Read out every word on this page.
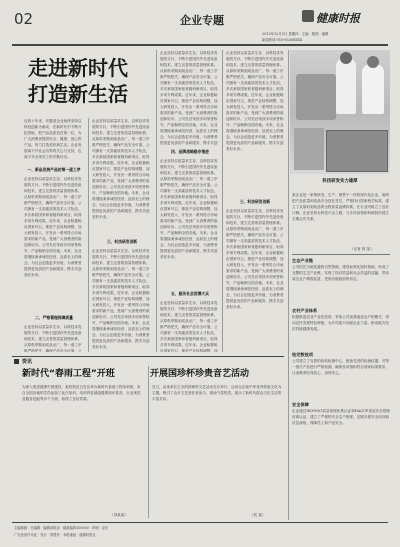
02	企业专题	健康时报
2013年12月5日 星期四 · 主编 · 版面 · 编辑
新闻热线:010-65368XXX
走进新时代
打造新生活
近四十年来，安徽某企业始终坚持以科技创新为驱动，在新时代中不断开拓进取，把产品品质放在第一位，为广大消费者提供安全、健康、放心的产品，努力打造美好新生活。企业发展离不开社会各界的关心与支持，也离不开全体员工的辛勤付出。
一、新品发展产品的第一道工序
企业坚持以质量求生存，以科技求发展的方针，不断引进国内外先进设备和技术，建立完善的质量管理体系。从原料采购到成品出厂，每一道工序都严格把关，确保产品安全可靠。公司拥有一支高素质的技术人才队伍，多次承担国家和省级科研项目，取得多项专利成果。近年来，企业积极响应国家号召，推进产业结构调整，加大研发投入，开发出一系列符合市场需求的新产品，受到广大消费者的欢迎和好评。公司先后荣获多项荣誉称号，产品畅销全国各地。未来，企业将继续秉承诚信经营、品质至上的理念，为社会创造更多价值，为消费者提供更优质的产品和服务，携手共创美好未来。
二、严格管理保障质量
企业坚持以质量求生存，以科技求发展的方针，不断引进国内外先进设备和技术，建立完善的质量管理体系。从原料采购到成品出厂，每一道工序都严格把关，确保产品安全可靠。公
企业坚持以质量求生存，以科技求发展的方针，不断引进国内外先进设备和技术，建立完善的质量管理体系。从原料采购到成品出厂，每一道工序都严格把关，确保产品安全可靠。公司拥有一支高素质的技术人才队伍，多次承担国家和省级科研项目，取得多项专利成果。近年来，企业积极响应国家号召，推进产业结构调整，加大研发投入，开发出一系列符合市场需求的新产品，受到广大消费者的欢迎和好评。公司先后荣获多项荣誉称号，产品畅销全国各地。未来，企业将继续秉承诚信经营、品质至上的理念，为社会创造更多价值，为消费者提供更优质的产品和服务，携手共创美好未来。
三、科技研发创新
企业坚持以质量求生存，以科技求发展的方针，不断引进国内外先进设备和技术，建立完善的质量管理体系。从原料采购到成品出厂，每一道工序都严格把关，确保产品安全可靠。公司拥有一支高素质的技术人才队伍，多次承担国家和省级科研项目，取得多项专利成果。近年来，企业积极响应国家号召，推进产业结构调整，加大研发投入，开发出一系列符合市场需求的新产品，受到广大消费者的欢迎和好评。公司先后荣获多项荣誉称号，产品畅销全国各地。未来，企业将继续秉承诚信经营、品质至上的理念，为社会创造更多价值，为消费者提供更优质的产品和服务，携手共创美好未来。
企业坚持以质量求生存，以科技求发展的方针，不断引进国内外先进设备和技术，建立完善的质量管理体系。从原料采购到成品出厂，每一道工序都严格把关，确保产品安全可靠。公司拥有一支高素质的技术人才队伍，多次承担国家和省级科研项目，取得多项专利成果。近年来，企业积极响应国家号召，推进产业结构调整，加大研发投入，开发出一系列符合市场需求的新产品，受到广大消费者的欢迎和好评。公司先后荣获多项荣誉称号，产品畅销全国各地。未来，企业将继续秉承诚信经营、品质至上的理念，为社会创造更多价值，为消费者提供更优质的产品和服务，携手共创
四、品牌战略稳步推进
企业坚持以质量求生存，以科技求发展的方针，不断引进国内外先进设备和技术，建立完善的质量管理体系。从原料采购到成品出厂，每一道工序都严格把关，确保产品安全可靠。公司拥有一支高素质的技术人才队伍，多次承担国家和省级科研项目，取得多项专利成果。近年来，企业积极响应国家号召，推进产业结构调整，加大研发投入，开发出一系列符合市场需求的新产品，受到广大消费者的欢迎和好评。公司先后荣获多项荣誉称号，产品畅销全国各地。未来，企业将继续秉承诚信经营、品质至上的理念，为社会创造更多价值，为消费者提供更优质的产品和服务，携手共创美好未来。
五、服务社会回馈大众
企业坚持以质量求生存，以科技求发展的方针，不断引进国内外先进设备和技术，建立完善的质量管理体系。从原料采购到成品出厂，每一道工序都严格把关，确保产品安全可靠。公司拥有一支高素质的技术人才队伍，多次承担国家和省级科研项目，取得多项专利成果。近年来，企业积极响应国家号召，推进产业结构调整，加
企业坚持以质量求生存，以科技求发展的方针，不断引进国内外先进设备和技术，建立完善的质量管理体系。从原料采购到成品出厂，每一道工序都严格把关，确保产品安全可靠。公司拥有一支高素质的技术人才队伍，多次承担国家和省级科研项目，取得多项专利成果。近年来，企业积极响应国家号召，推进产业结构调整，加大研发投入，开发出一系列符合市场需求的新产品，受到广大消费者的欢迎和好评。公司先后荣获多项荣誉称号，产品畅销全国各地。未来，企业将继续秉承诚信经营、品质至上的理念，为社会创造更多价值，为消费者提供更优质的产品和服务，携手共创美好未来。
三、科技研发创新
企业坚持以质量求生存，以科技求发展的方针，不断引进国内外先进设备和技术，建立完善的质量管理体系。从原料采购到成品出厂，每一道工序都严格把关，确保产品安全可靠。公司拥有一支高素质的技术人才队伍，多次承担国家和省级科研项目，取得多项专利成果。近年来，企业积极响应国家号召，推进产业结构调整，加大研发投入，开发出一系列符合市场需求的新产品，受到广大消费者的欢迎和好评。公司先后荣获多项荣誉称号，产品畅销全国各地。未来，企业将继续秉承诚信经营、品质至上的理念，为社会创造更多价值，为消费者提供更优质的产品和服务，携手共创美好未来。
科技研发实力雄厚
某企业是一家集研发、生产、销售于一体的现代化企业，始终把产品质量和食品安全放在首位，严格执行国家相关标准，建立了从原料到成品的全程质量追溯体系，在行业内树立了良好口碑。企业坚持走科技兴企之路，与多所高校和科研院所建立长期合作关系。
（记者 林 某）
生态产业链
公司依托当地优越的自然资源，建设标准化原料基地，形成了完整的生态产业链，实现了经济效益和社会效益的双赢，带动周边农户增收致富，受到各级政府的肯定。
农村产业体系
积极推进农业产业化经营，采取公司加基地加农户的模式，带动农民发展特色种植，为乡村振兴贡献企业力量，推动地方经济持续健康发展。
检定数检项
公司建立了完善的检验检测中心，配备先进的检测仪器，对每一批次产品进行严格检测，确保各项指标符合国家标准要求，让消费者吃得放心、用得安心。
安全保障
企业通过ISO9001质量管理体系认证和HACCP食品安全管理体系认证，建立了严格的安全生产制度，定期开展安全培训和应急演练，保障员工和产品安全。
资讯
新时代“春雨工程”开班
为深入推进健康中国建设，某机构近日在京举办新时代春雨工程培训班，来自全国各地的学员参加了此次培训。培训内容涵盖健康知识普及、行业规范及服务技能等多个方面，取得了良好效果。
（刘某某）
开展国珍杯珍贵音艺活动
近日，由某单位主办的国珍杯文艺活动在京举行，活动以弘扬中华优秀传统文化为主题，吸引了众多文艺爱好者参与，现场气氛热烈，展示了新时代群众文化生活的丰富多彩。
（武 某）
主编邮箱 · 总编辑 · 编辑部电话 · 邮政编码100000 · 印刷 · 定价
广告经营许可证 · 发行 · 零售价 · 本报地址 · 健康时报社
